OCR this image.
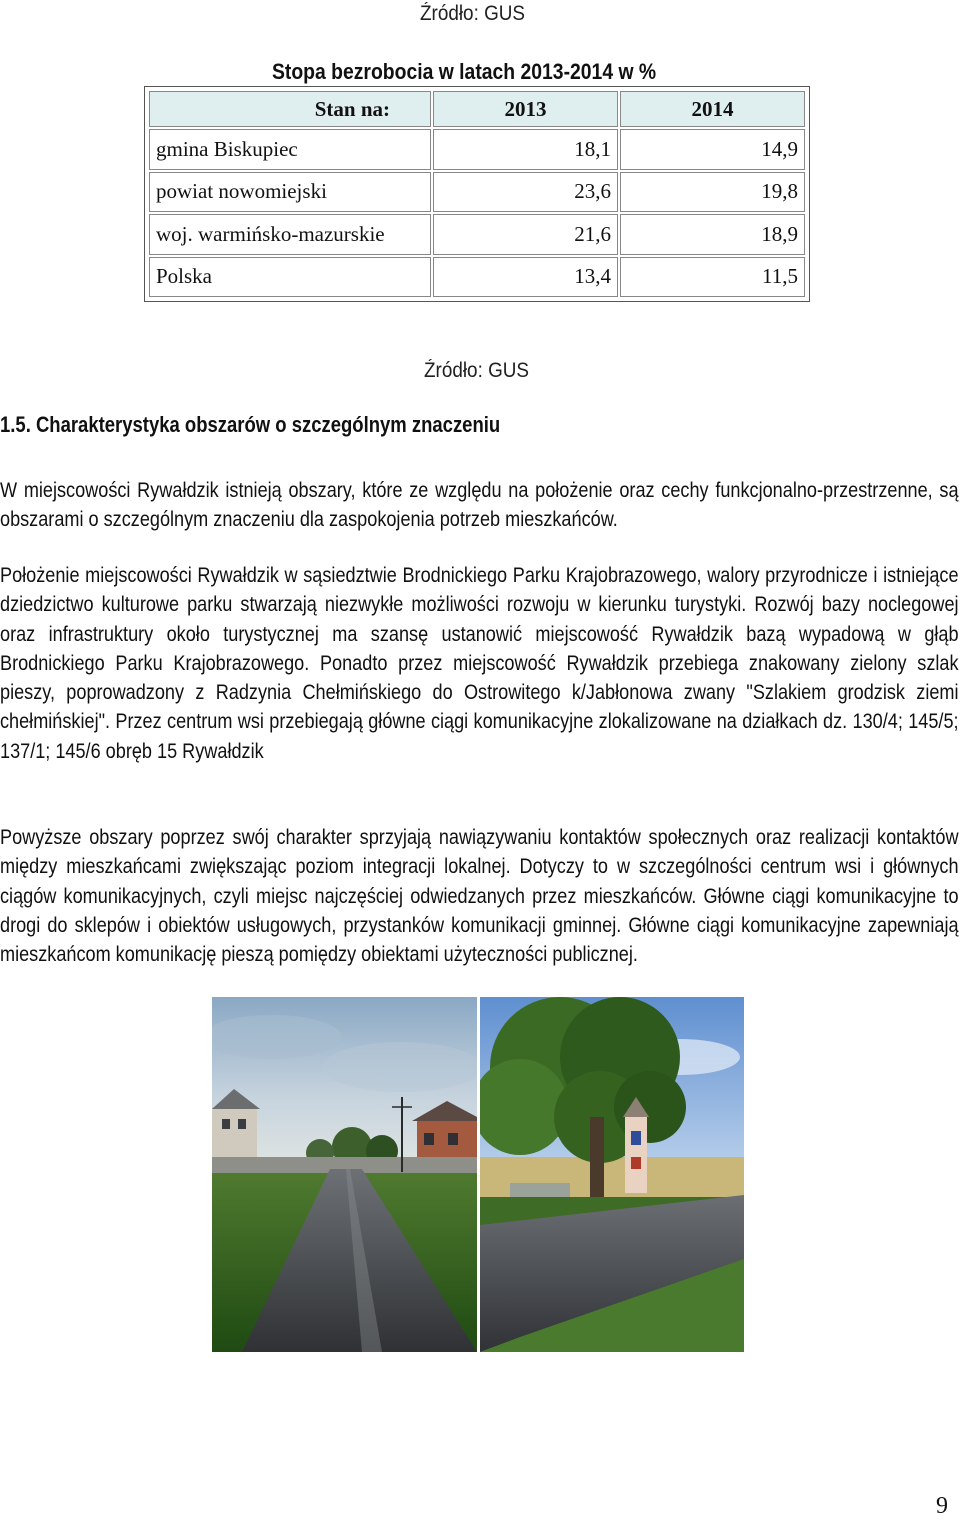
Źródło: GUS
Stopa bezrobocia w latach 2013-2014 w %
Stan na:	2013	2014
gmina Biskupiec	18,1	14,9
powiat nowomiejski	23,6	19,8
woj. warmińsko-mazurskie	21,6	18,9
Polska	13,4	11,5
Źródło: GUS
1.5. Charakterystyka obszarów o szczególnym znaczeniu
W miejscowości Rywałdzik istnieją obszary, które ze względu na położenie oraz cechy funkcjonalno-przestrzenne, są obszarami o szczególnym znaczeniu dla zaspokojenia potrzeb mieszkańców.
Położenie miejscowości Rywałdzik w sąsiedztwie Brodnickiego Parku Krajobrazowego, walory przyrodnicze i istniejące dziedzictwo kulturowe parku stwarzają niezwykłe możliwości rozwoju w kierunku turystyki. Rozwój bazy noclegowej oraz infrastruktury około turystycznej ma szansę ustanowić miejscowość Rywałdzik bazą wypadową w głąb Brodnickiego Parku Krajobrazowego. Ponadto przez miejscowość Rywałdzik przebiega znakowany zielony szlak pieszy, poprowadzony z Radzynia Chełmińskiego do Ostrowitego k/Jabłonowa zwany "Szlakiem grodzisk ziemi chełmińskiej". Przez centrum wsi przebiegają główne ciągi komunikacyjne zlokalizowane na działkach dz. 130/4; 145/5; 137/1; 145/6 obręb 15 Rywałdzik
Powyższe obszary poprzez swój charakter sprzyjają nawiązywaniu kontaktów społecznych oraz realizacji kontaktów między mieszkańcami zwiększając poziom integracji lokalnej. Dotyczy to w szczególności centrum wsi i głównych ciągów komunikacyjnych, czyli miejsc najczęściej odwiedzanych przez mieszkańców. Główne ciągi komunikacyjne to drogi do sklepów i obiektów usługowych, przystanków komunikacji gminnej. Główne ciągi komunikacyjne zapewniają mieszkańcom komunikację pieszą pomiędzy obiektami użyteczności publicznej.
9
